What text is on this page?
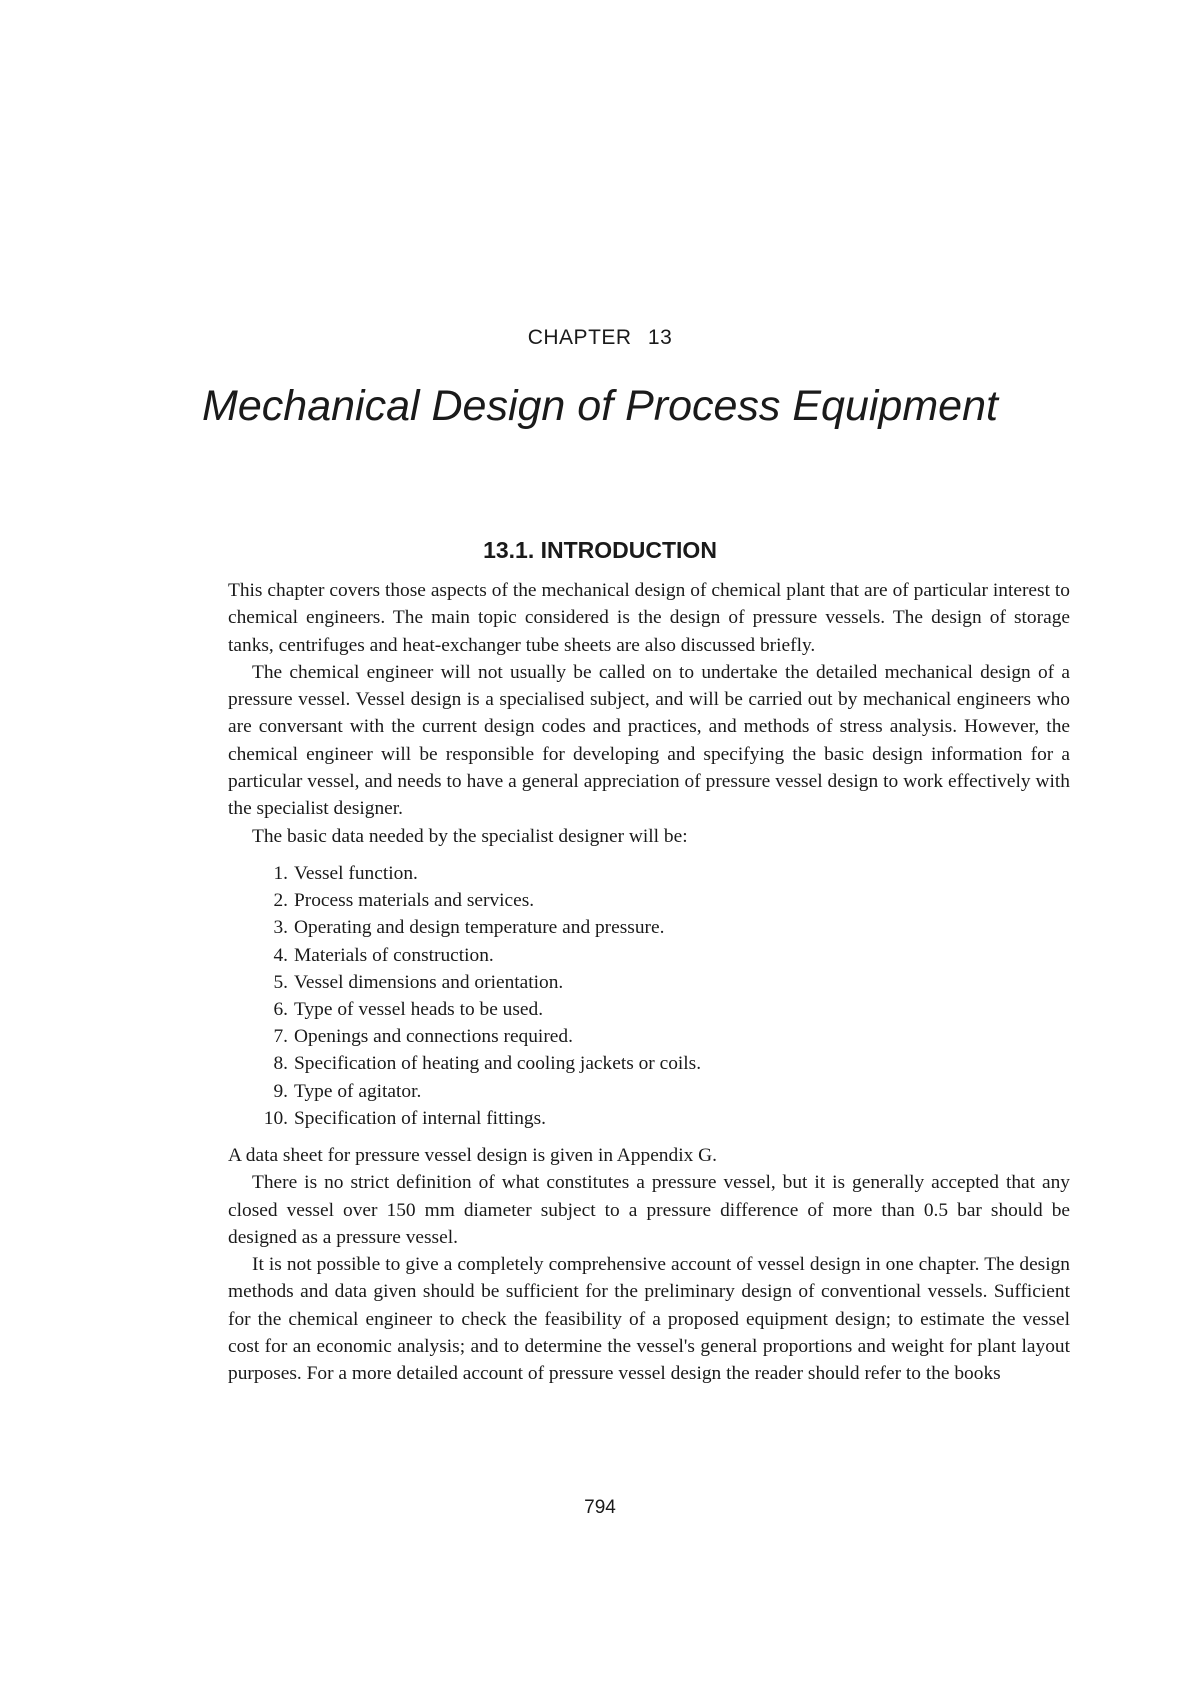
CHAPTER 13
Mechanical Design of Process Equipment
13.1. INTRODUCTION

This chapter covers those aspects of the mechanical design of chemical plant that are of particular interest to chemical engineers. The main topic considered is the design of pressure vessels. The design of storage tanks, centrifuges and heat-exchanger tube sheets are also discussed briefly.

The chemical engineer will not usually be called on to undertake the detailed mechanical design of a pressure vessel. Vessel design is a specialised subject, and will be carried out by mechanical engineers who are conversant with the current design codes and practices, and methods of stress analysis. However, the chemical engineer will be responsible for developing and specifying the basic design information for a particular vessel, and needs to have a general appreciation of pressure vessel design to work effectively with the specialist designer.

The basic data needed by the specialist designer will be:

1. Vessel function.
2. Process materials and services.
3. Operating and design temperature and pressure.
4. Materials of construction.
5. Vessel dimensions and orientation.
6. Type of vessel heads to be used.
7. Openings and connections required.
8. Specification of heating and cooling jackets or coils.
9. Type of agitator.
10. Specification of internal fittings.

A data sheet for pressure vessel design is given in Appendix G.

There is no strict definition of what constitutes a pressure vessel, but it is generally accepted that any closed vessel over 150 mm diameter subject to a pressure difference of more than 0.5 bar should be designed as a pressure vessel.

It is not possible to give a completely comprehensive account of vessel design in one chapter. The design methods and data given should be sufficient for the preliminary design of conventional vessels. Sufficient for the chemical engineer to check the feasibility of a proposed equipment design; to estimate the vessel cost for an economic analysis; and to determine the vessel's general proportions and weight for plant layout purposes. For a more detailed account of pressure vessel design the reader should refer to the books

794
